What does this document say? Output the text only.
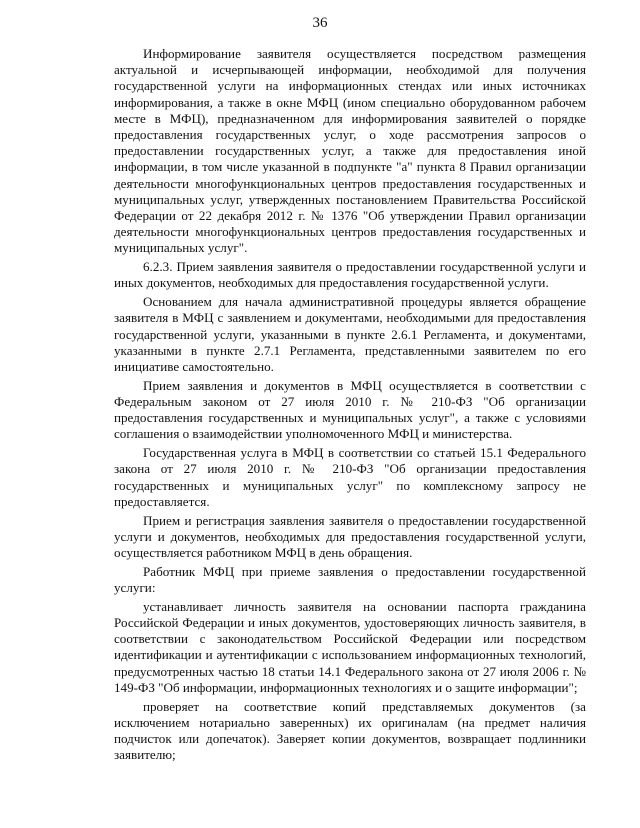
36

Информирование заявителя осуществляется посредством размещения актуальной и исчерпывающей информации, необходимой для получения государственной услуги на информационных стендах или иных источниках информирования, а также в окне МФЦ (ином специально оборудованном рабочем месте в МФЦ), предназначенном для информирования заявителей о порядке предоставления государственных услуг, о ходе рассмотрения запросов о предоставлении государственных услуг, а также для предоставления иной информации, в том числе указанной в подпункте "а" пункта 8 Правил организации деятельности многофункциональных центров предоставления государственных и муниципальных услуг, утвержденных постановлением Правительства Российской Федерации от 22 декабря 2012 г. № 1376 "Об утверждении Правил организации деятельности многофункциональных центров предоставления государственных и муниципальных услуг".

6.2.3. Прием заявления заявителя о предоставлении государственной услуги и иных документов, необходимых для предоставления государственной услуги.

Основанием для начала административной процедуры является обращение заявителя в МФЦ с заявлением и документами, необходимыми для предоставления государственной услуги, указанными в пункте 2.6.1 Регламента, и документами, указанными в пункте 2.7.1 Регламента, представленными заявителем по его инициативе самостоятельно.

Прием заявления и документов в МФЦ осуществляется в соответствии с Федеральным законом от 27 июля 2010 г. № 210-ФЗ "Об организации предоставления государственных и муниципальных услуг", а также с условиями соглашения о взаимодействии уполномоченного МФЦ и министерства.

Государственная услуга в МФЦ в соответствии со статьей 15.1 Федерального закона от 27 июля 2010 г. № 210-ФЗ "Об организации предоставления государственных и муниципальных услуг" по комплексному запросу не предоставляется.

Прием и регистрация заявления заявителя о предоставлении государственной услуги и документов, необходимых для предоставления государственной услуги, осуществляется работником МФЦ в день обращения.

Работник МФЦ при приеме заявления о предоставлении государственной услуги:

устанавливает личность заявителя на основании паспорта гражданина Российской Федерации и иных документов, удостоверяющих личность заявителя, в соответствии с законодательством Российской Федерации или посредством идентификации и аутентификации с использованием информационных технологий, предусмотренных частью 18 статьи 14.1 Федерального закона от 27 июля 2006 г. № 149-ФЗ "Об информации, информационных технологиях и о защите информации";

проверяет на соответствие копий представляемых документов (за исключением нотариально заверенных) их оригиналам (на предмет наличия подчисток или допечаток). Заверяет копии документов, возвращает подлинники заявителю;
